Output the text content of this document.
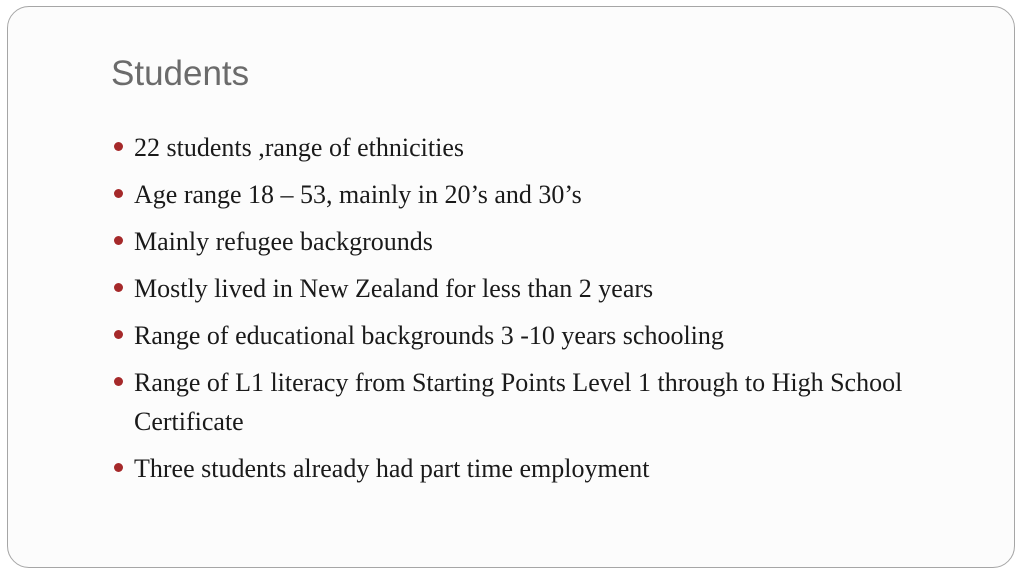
Students
22 students ,range of ethnicities
Age range 18 – 53, mainly in 20’s and 30’s
Mainly refugee backgrounds
Mostly lived in New Zealand for less than 2 years
Range of educational backgrounds 3 -10 years schooling
Range of L1 literacy from Starting Points Level 1 through to High School Certificate
Three students already had part time employment
